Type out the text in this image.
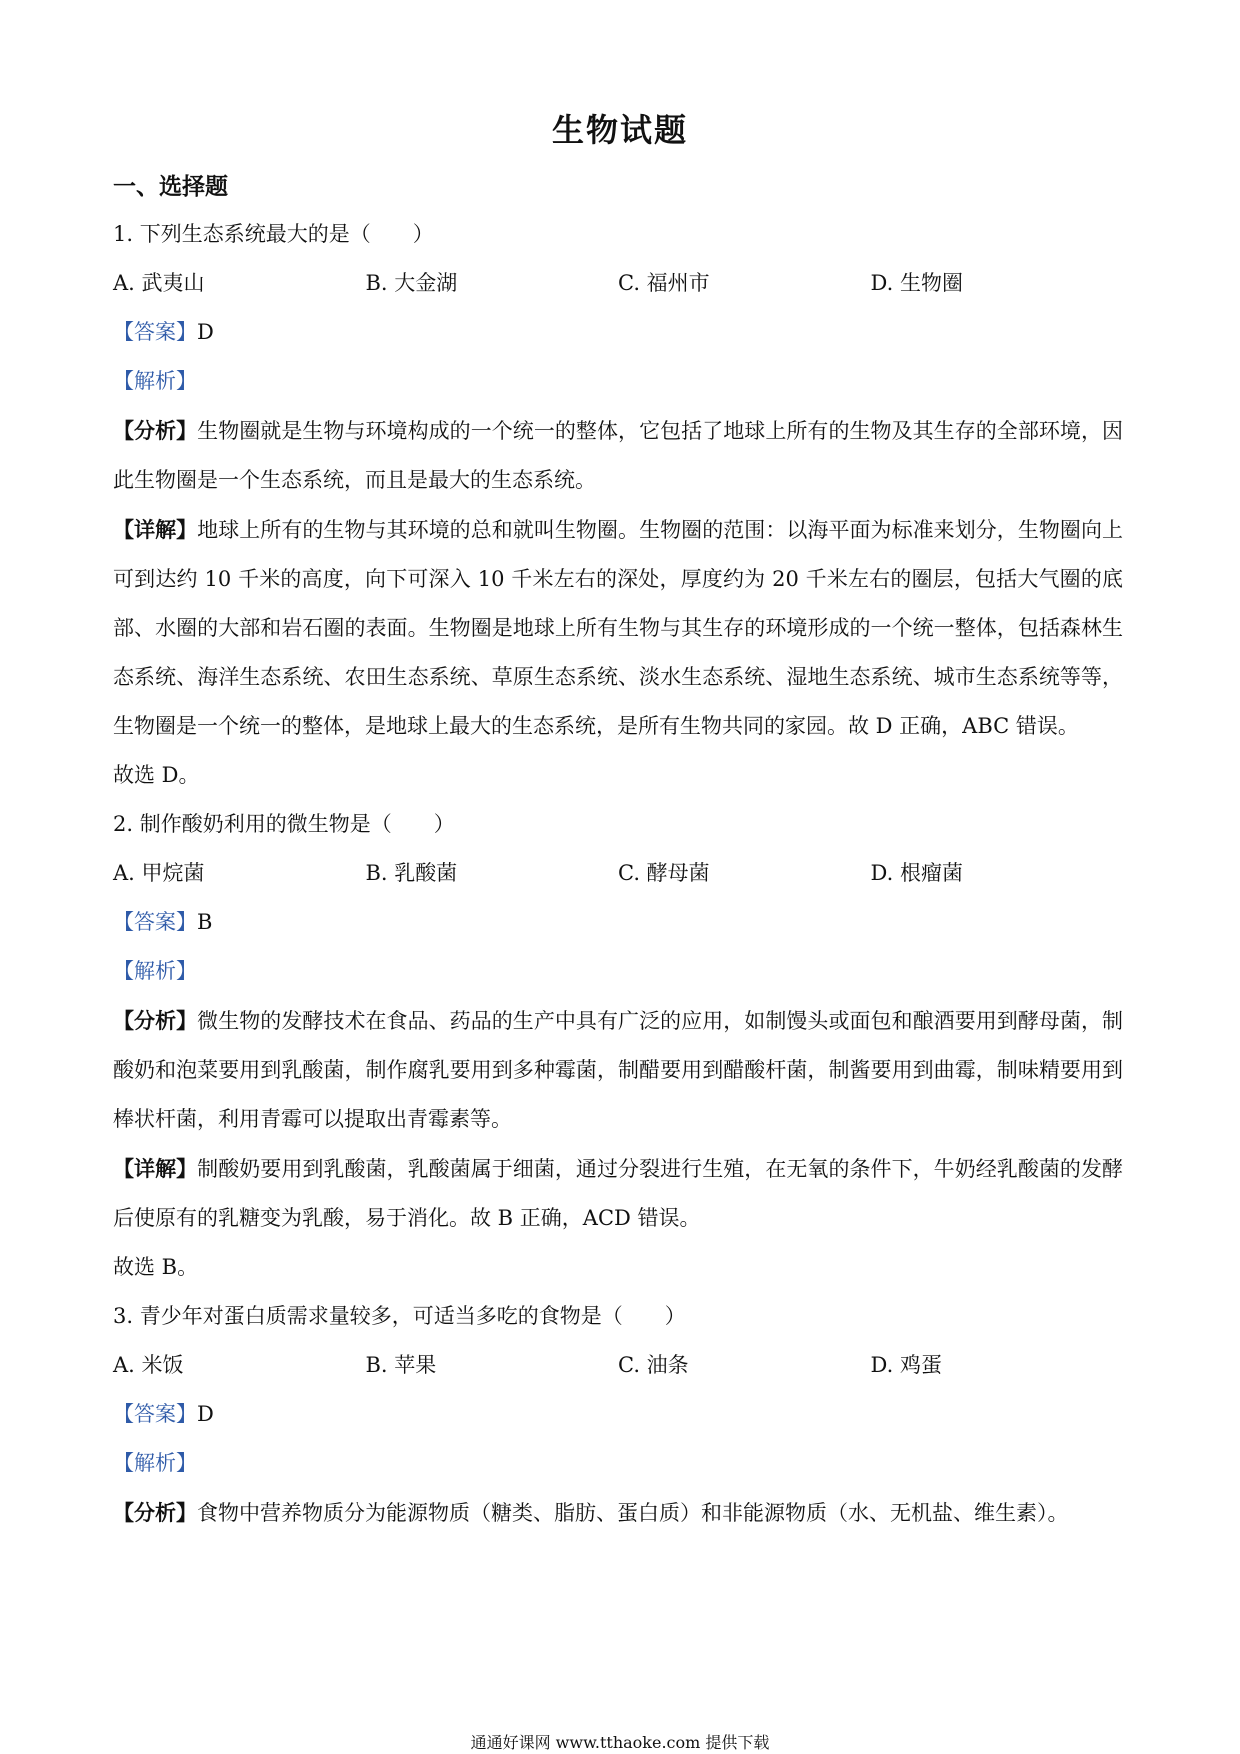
生物试题
一、选择题
1. 下列生态系统最大的是（　　）
A. 武夷山	B. 大金湖	C. 福州市	D. 生物圈
【答案】D
【解析】
【分析】生物圈就是生物与环境构成的一个统一的整体，它包括了地球上所有的生物及其生存的全部环境，因此生物圈是一个生态系统，而且是最大的生态系统。
【详解】地球上所有的生物与其环境的总和就叫生物圈。生物圈的范围：以海平面为标准来划分，生物圈向上可到达约 10 千米的高度，向下可深入 10 千米左右的深处，厚度约为 20 千米左右的圈层，包括大气圈的底部、水圈的大部和岩石圈的表面。生物圈是地球上所有生物与其生存的环境形成的一个统一整体，包括森林生态系统、海洋生态系统、农田生态系统、草原生态系统、淡水生态系统、湿地生态系统、城市生态系统等等，生物圈是一个统一的整体，是地球上最大的生态系统，是所有生物共同的家园。故 D 正确，ABC 错误。
故选 D。
2. 制作酸奶利用的微生物是（　　）
A. 甲烷菌	B. 乳酸菌	C. 酵母菌	D. 根瘤菌
【答案】B
【解析】
【分析】微生物的发酵技术在食品、药品的生产中具有广泛的应用，如制馒头或面包和酿酒要用到酵母菌，制酸奶和泡菜要用到乳酸菌，制作腐乳要用到多种霉菌，制醋要用到醋酸杆菌，制酱要用到曲霉，制味精要用到棒状杆菌，利用青霉可以提取出青霉素等。
【详解】制酸奶要用到乳酸菌，乳酸菌属于细菌，通过分裂进行生殖，在无氧的条件下，牛奶经乳酸菌的发酵后使原有的乳糖变为乳酸，易于消化。故 B 正确，ACD 错误。
故选 B。
3. 青少年对蛋白质需求量较多，可适当多吃的食物是（　　）
A. 米饭	B. 苹果	C. 油条	D. 鸡蛋
【答案】D
【解析】
【分析】食物中营养物质分为能源物质（糖类、脂肪、蛋白质）和非能源物质（水、无机盐、维生素）。
通通好课网 www.tthaoke.com 提供下载
